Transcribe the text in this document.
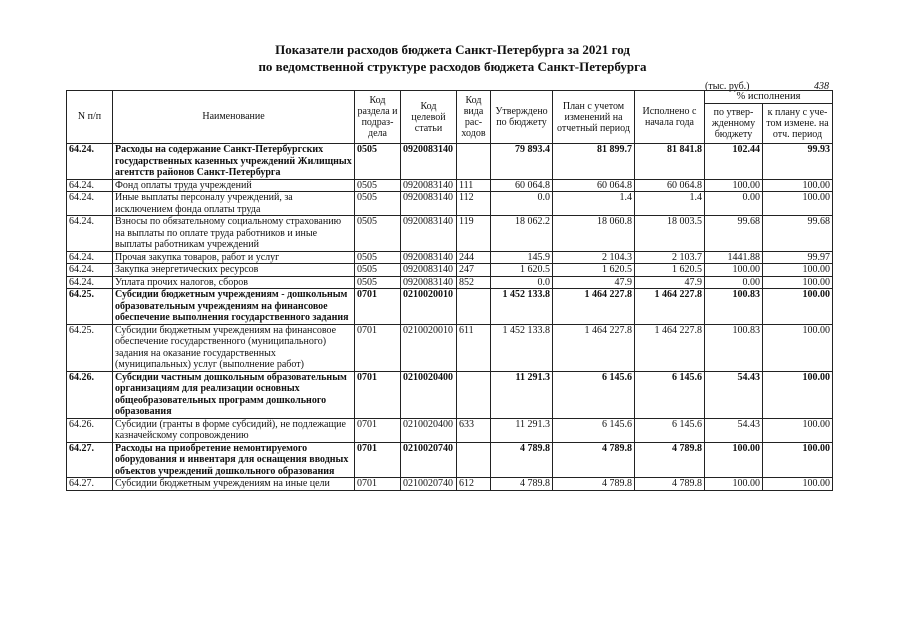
Показатели расходов бюджета Санкт-Петербурга за 2021 год
по ведомственной структуре расходов бюджета Санкт-Петербурга
(тыс. руб.)	438
N п/п	Наименование	Код раздела и подраз-дела	Код целевой статьи	Код вида рас-ходов	Утверждено по бюджету	План с учетом изменений на отчетный период	Исполнено с начала года	% исполнения	
								по утвер-жденному бюджету	к плану с уче-том измене. на отч. период
64.24.	Расходы на содержание Санкт-Петербургских государственных казенных учреждений Жилищных агентств районов Санкт-Петербурга	0505	0920083140		79 893.4	81 899.7	81 841.8	102.44	99.93
64.24.	Фонд оплаты труда учреждений	0505	0920083140	111	60 064.8	60 064.8	60 064.8	100.00	100.00
64.24.	Иные выплаты персоналу учреждений, за исключением фонда оплаты труда	0505	0920083140	112	0.0	1.4	1.4	0.00	100.00
64.24.	Взносы по обязательному социальному страхованию на выплаты по оплате труда работников и иные выплаты работникам учреждений	0505	0920083140	119	18 062.2	18 060.8	18 003.5	99.68	99.68
64.24.	Прочая закупка товаров, работ и услуг	0505	0920083140	244	145.9	2 104.3	2 103.7	1441.88	99.97
64.24.	Закупка энергетических ресурсов	0505	0920083140	247	1 620.5	1 620.5	1 620.5	100.00	100.00
64.24.	Уплата прочих налогов, сборов	0505	0920083140	852	0.0	47.9	47.9	0.00	100.00
64.25.	Субсидии бюджетным учреждениям - дошкольным образовательным учреждениям на финансовое обеспечение выполнения государственного задания	0701	0210020010		1 452 133.8	1 464 227.8	1 464 227.8	100.83	100.00
64.25.	Субсидии бюджетным учреждениям на финансовое обеспечение государственного (муниципального) задания на оказание государственных (муниципальных) услуг (выполнение работ)	0701	0210020010	611	1 452 133.8	1 464 227.8	1 464 227.8	100.83	100.00
64.26.	Субсидии частным дошкольным образовательным организациям для реализации основных общеобразовательных программ дошкольного образования	0701	0210020400		11 291.3	6 145.6	6 145.6	54.43	100.00
64.26.	Субсидии (гранты в форме субсидий), не подлежащие казначейскому сопровождению	0701	0210020400	633	11 291.3	6 145.6	6 145.6	54.43	100.00
64.27.	Расходы на приобретение немонтируемого оборудования и инвентаря для оснащения вводных объектов учреждений дошкольного образования	0701	0210020740		4 789.8	4 789.8	4 789.8	100.00	100.00
64.27.	Субсидии бюджетным учреждениям на иные цели	0701	0210020740	612	4 789.8	4 789.8	4 789.8	100.00	100.00
